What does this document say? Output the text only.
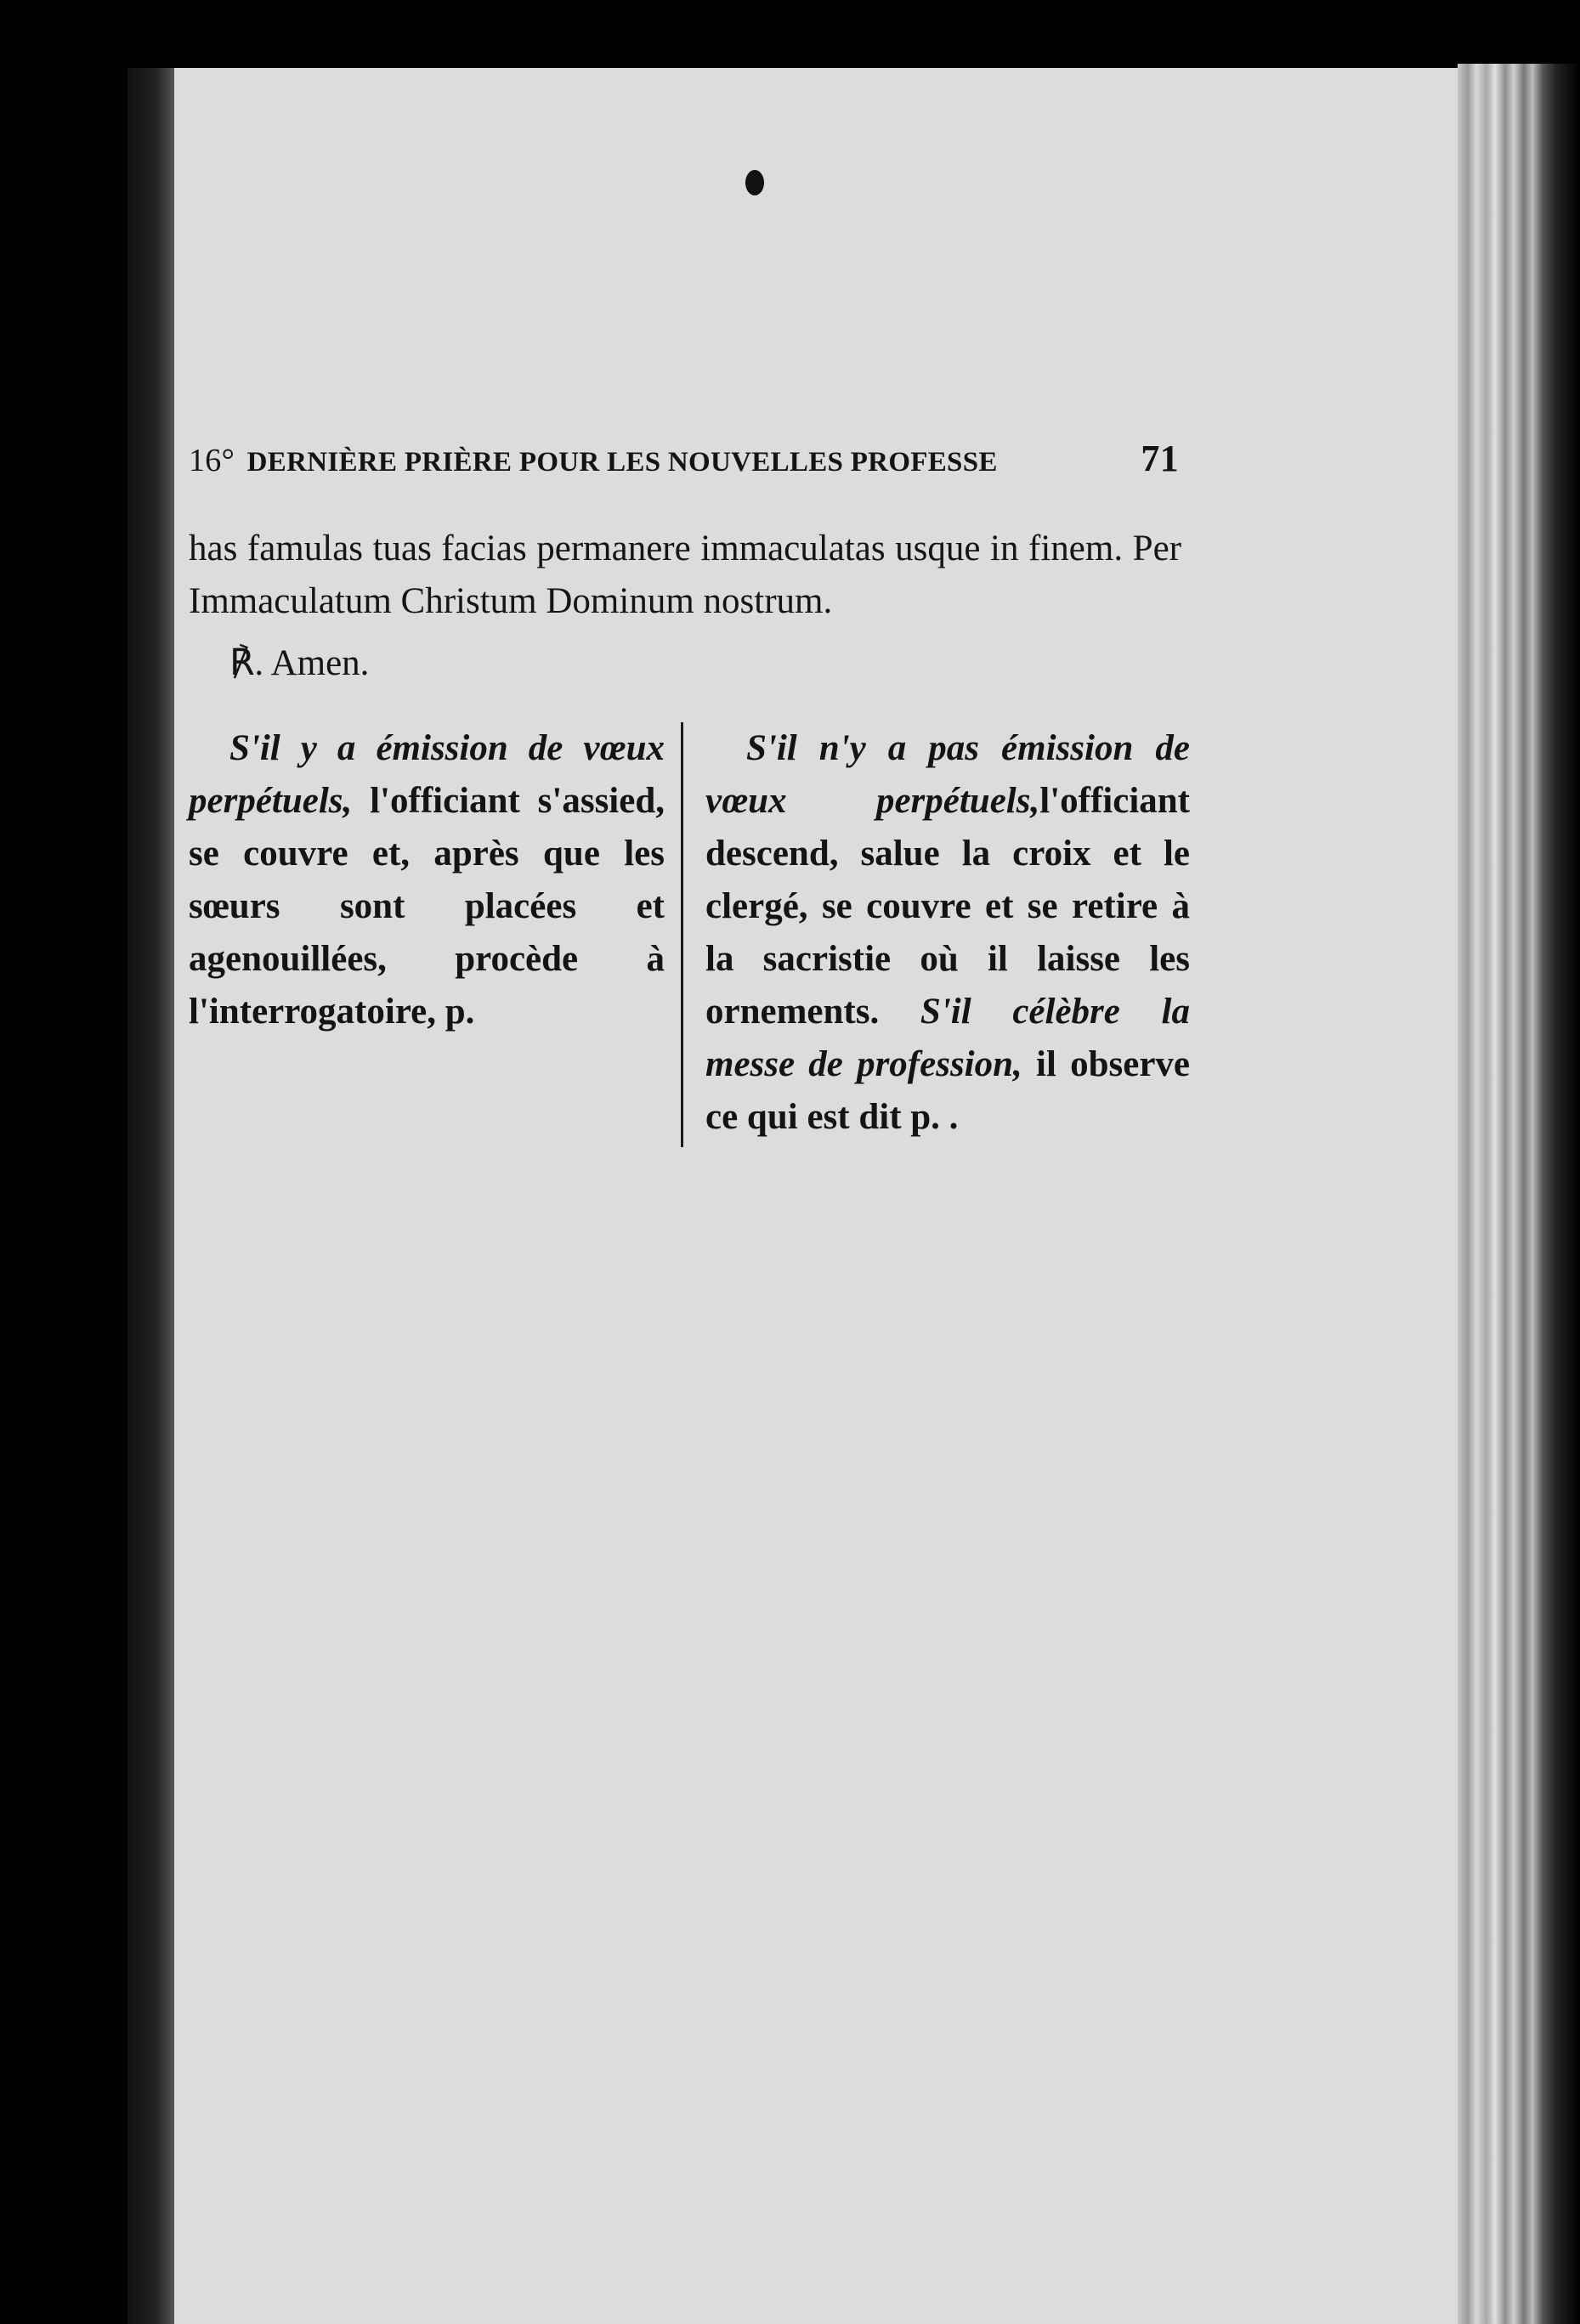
16° DERNIÈRE PRIÈRE POUR LES NOUVELLES PROFESSE	71
has famulas tuas facias permanere immaculatas usque in finem. Per Immaculatum Christum Dominum nostrum.
℟. Amen.
S'il y a émission de vœux perpétuels, l'officiant s'assied, se couvre et, après que les sœurs sont placées et agenouillées, procède à l'interrogatoire, p.
S'il n'y a pas émission de vœux perpétuels,l'officiant descend, salue la croix et le clergé, se couvre et se retire à la sacristie où il laisse les ornements. S'il célèbre la messe de profession, il observe ce qui est dit p. .
